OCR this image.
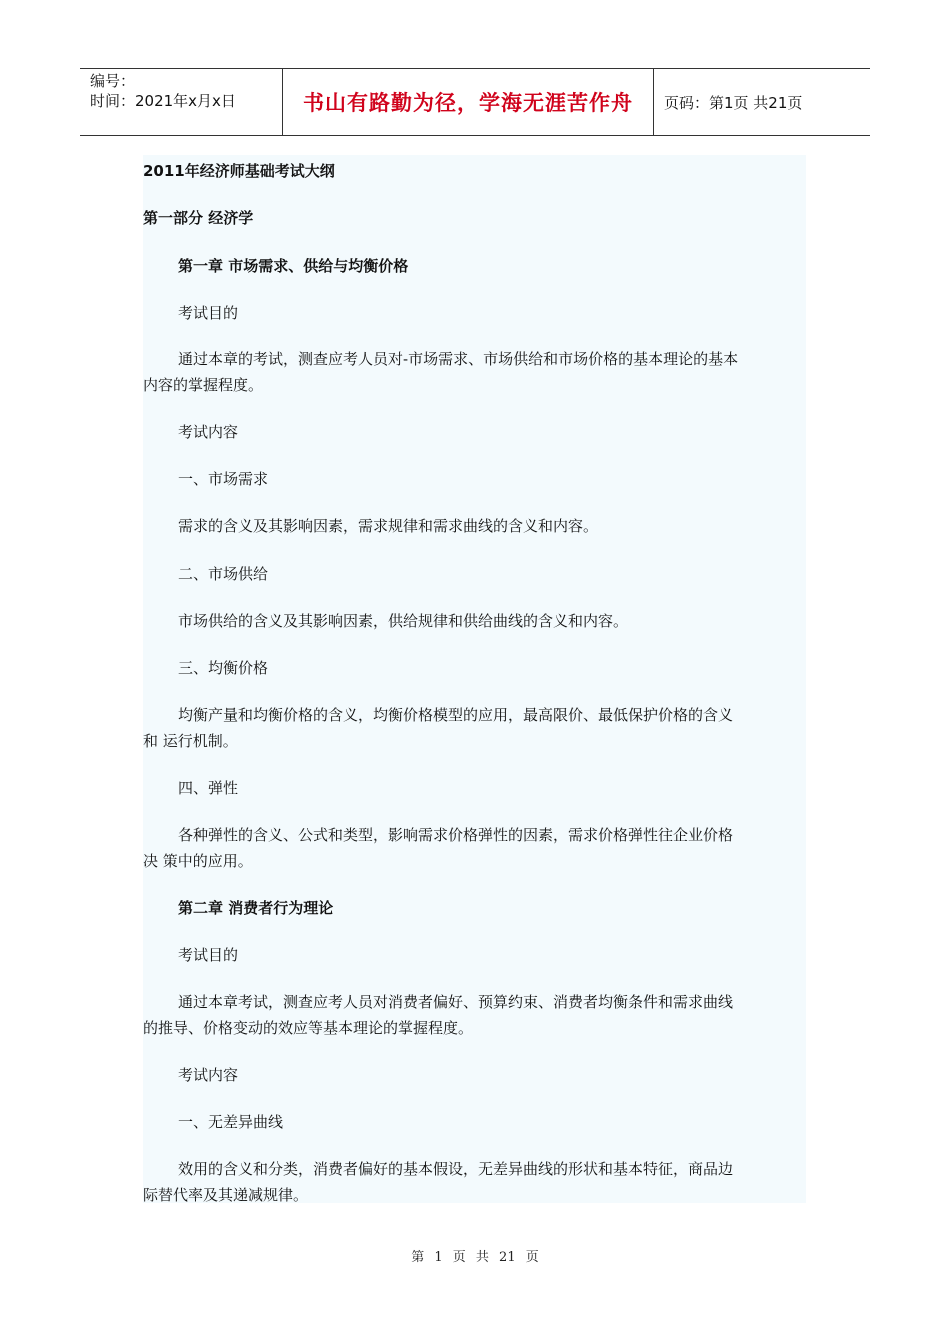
编号：
时间：2021年x月x日	书山有路勤为径，学海无涯苦作舟 页码：第1页 共21页
2011年经济师基础考试大纲
第一部分 经济学
第一章 市场需求、供给与均衡价格
考试目的
通过本章的考试，测查应考人员对-市场需求、市场供给和市场价格的基本理论的基本
内容的掌握程度。
考试内容
一、市场需求
需求的含义及其影响因素，需求规律和需求曲线的含义和内容。
二、市场供给
市场供给的含义及其影响因素，供给规律和供给曲线的含义和内容。
三、均衡价格
均衡产量和均衡价格的含义，均衡价格模型的应用，最高限价、最低保护价格的含义
和 运行机制。
四、弹性
各种弹性的含义、公式和类型，影响需求价格弹性的因素，需求价格弹性往企业价格
决 策中的应用。
第二章 消费者行为理论
考试目的
通过本章考试，测查应考人员对消费者偏好、预算约束、消费者均衡条件和需求曲线
的推导、价格变动的效应等基本理论的掌握程度。
考试内容
一、无差异曲线
效用的含义和分类，消费者偏好的基本假设，无差异曲线的形状和基本特征，商品边
际替代率及其递减规律。
第 1 页 共 21 页
